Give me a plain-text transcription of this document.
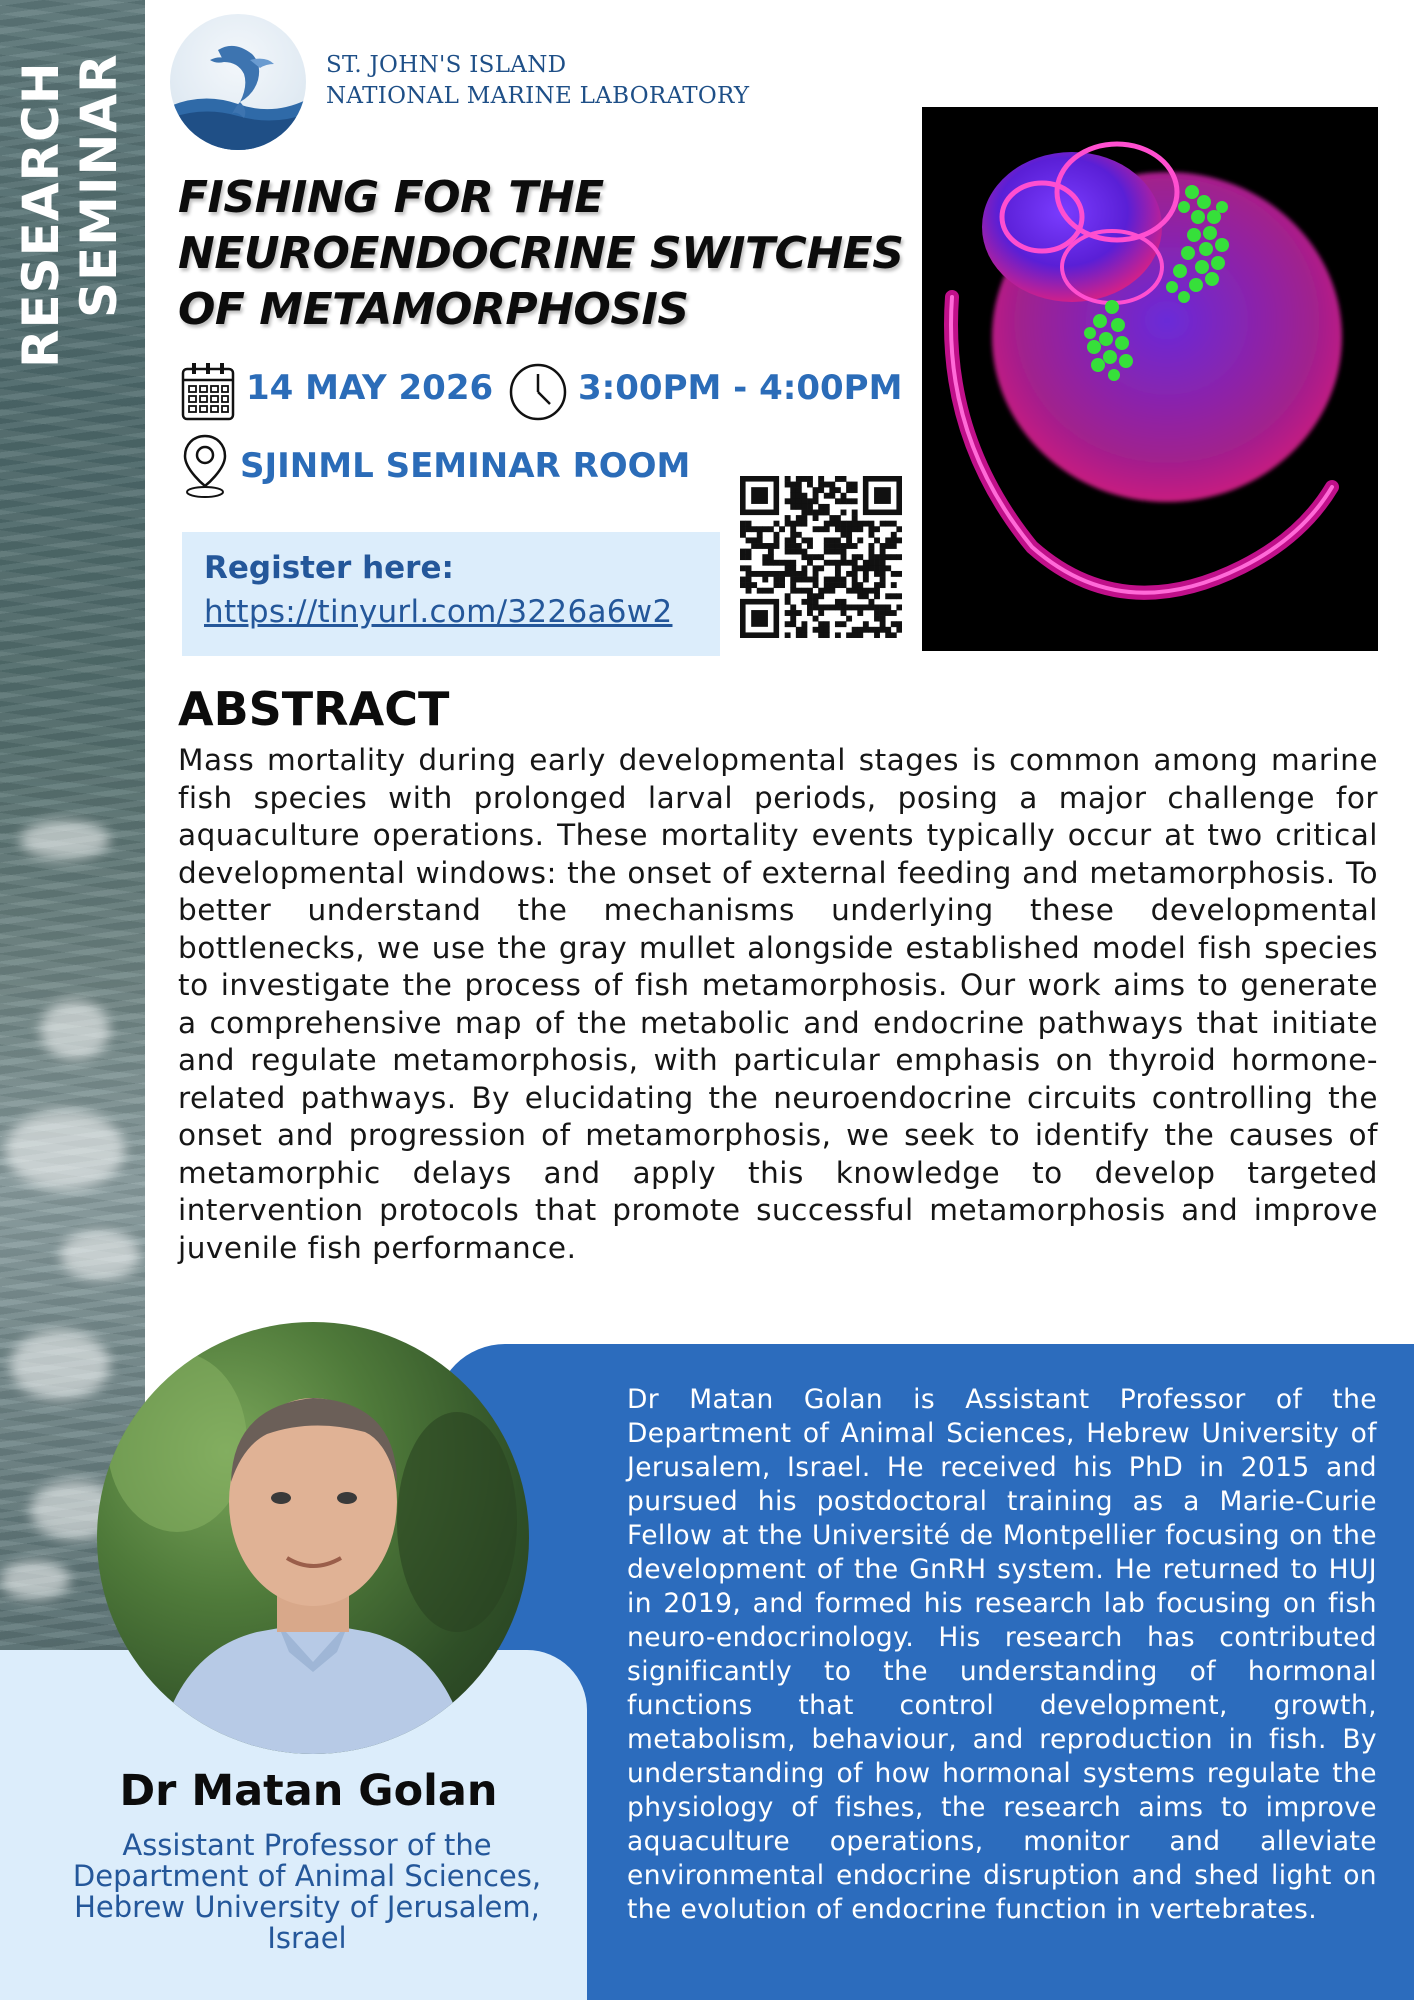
RESEARCH SEMINAR	ST. JOHN'S ISLAND
NATIONAL MARINE LABORATORY
FISHING FOR THE
NEUROENDOCRINE SWITCHES
OF METAMORPHOSIS
14 MAY 2026 3:00PM - 4:00PM
SJINML SEMINAR ROOM
Register here:
https://tinyurl.com/3226a6w2
ABSTRACT
Mass mortality during early developmental stages is common among marine fish species with prolonged larval periods, posing a major challenge for aquaculture operations. These mortality events typically occur at two critical developmental windows: the onset of external feeding and metamorphosis. To better understand the mechanisms underlying these developmental bottlenecks, we use the gray mullet alongside established model fish species to investigate the process of fish metamorphosis. Our work aims to generate a comprehensive map of the metabolic and endocrine pathways that initiate and regulate metamorphosis, with particular emphasis on thyroid hormone-related pathways. By elucidating the neuroendocrine circuits controlling the onset and progression of metamorphosis, we seek to identify the causes of metamorphic delays and apply this knowledge to develop targeted intervention protocols that promote successful metamorphosis and improve juvenile fish performance.
Dr Matan Golan is Assistant Professor of the Department of Animal Sciences, Hebrew University of Jerusalem, Israel. He received his PhD in 2015 and pursued his postdoctoral training as a Marie-Curie Fellow at the Université de Montpellier focusing on the development of the GnRH system. He returned to HUJ in 2019, and formed his research lab focusing on fish neuro-endocrinology. His research has contributed significantly to the understanding of hormonal functions that control development, growth, metabolism, behaviour, and reproduction in fish. By understanding of how hormonal systems regulate the physiology of fishes, the research aims to improve aquaculture operations, monitor and alleviate environmental endocrine disruption and shed light on the evolution of endocrine function in vertebrates.
Dr Matan Golan
Assistant Professor of the Department of Animal Sciences, Hebrew University of Jerusalem, Israel
